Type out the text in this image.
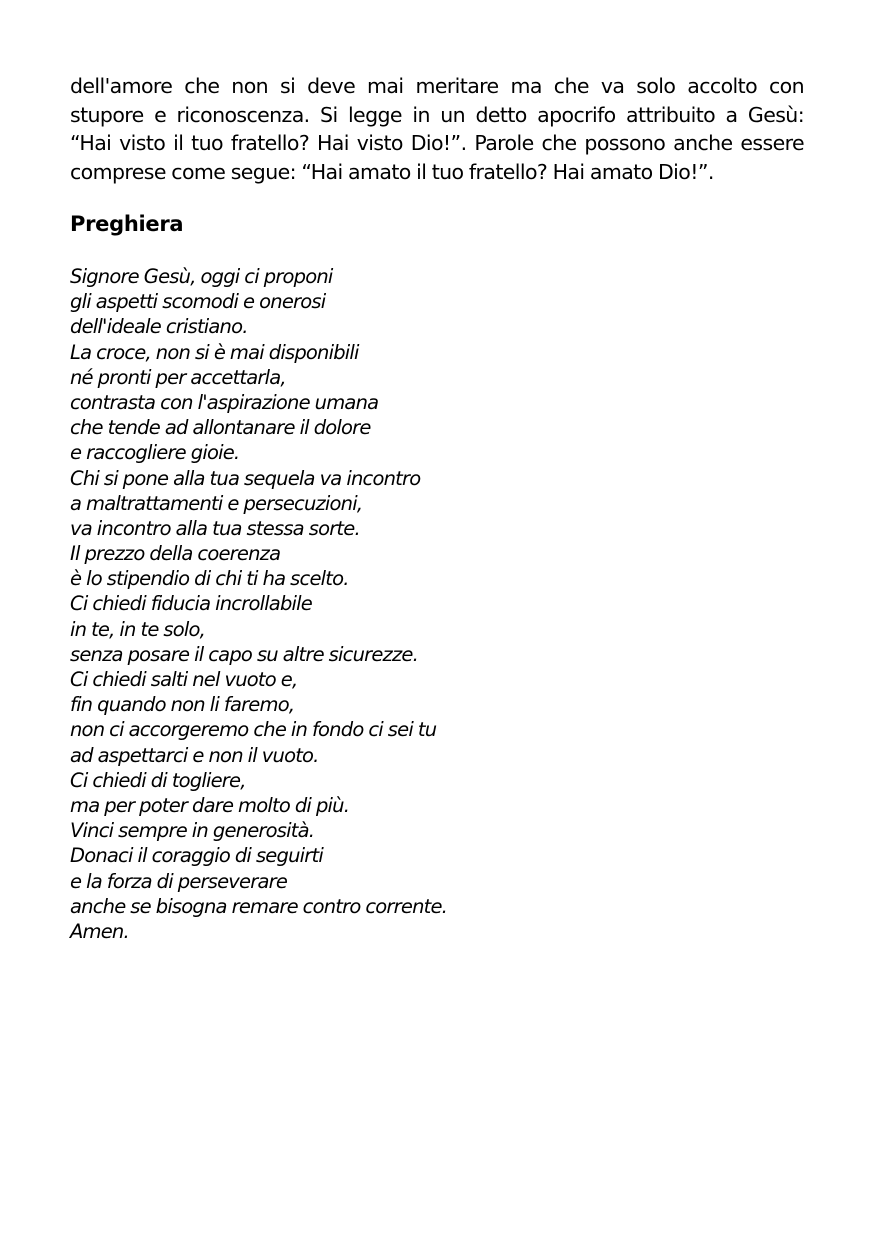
dell'amore che non si deve mai meritare ma che va solo accolto con
stupore e riconoscenza. Si legge in un detto apocrifo attribuito a Gesù:
“Hai visto il tuo fratello? Hai visto Dio!”. Parole che possono anche essere
comprese come segue: “Hai amato il tuo fratello? Hai amato Dio!”.
Preghiera
Signore Gesù, oggi ci proponi
gli aspetti scomodi e onerosi
dell'ideale cristiano.
La croce, non si è mai disponibili
né pronti per accettarla,
contrasta con l'aspirazione umana
che tende ad allontanare il dolore
e raccogliere gioie.
Chi si pone alla tua sequela va incontro
a maltrattamenti e persecuzioni,
va incontro alla tua stessa sorte.
Il prezzo della coerenza
è lo stipendio di chi ti ha scelto.
Ci chiedi fiducia incrollabile
in te, in te solo,
senza posare il capo su altre sicurezze.
Ci chiedi salti nel vuoto e,
fin quando non li faremo,
non ci accorgeremo che in fondo ci sei tu
ad aspettarci e non il vuoto.
Ci chiedi di togliere,
ma per poter dare molto di più.
Vinci sempre in generosità.
Donaci il coraggio di seguirti
e la forza di perseverare
anche se bisogna remare contro corrente.
Amen.
